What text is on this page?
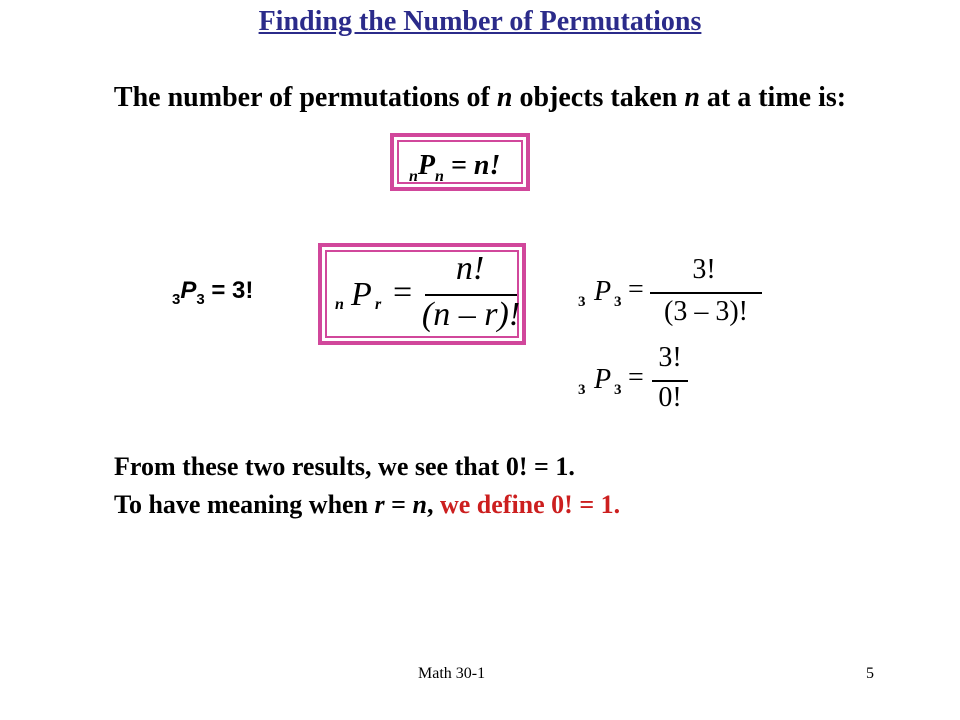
Finding the Number of Permutations
The number of permutations of n objects taken n at a time is:
$_nP_n = n$!
$_3P_3 = 3$!
n P r =
n!
(n – r)!	3 P 3 =
3!
(3 – 3)!
3 P 3 =
3!
0!
From these two results, we see that 0! = 1.
To have meaning when r = n, we define 0! = 1.
Math 30-1	5
